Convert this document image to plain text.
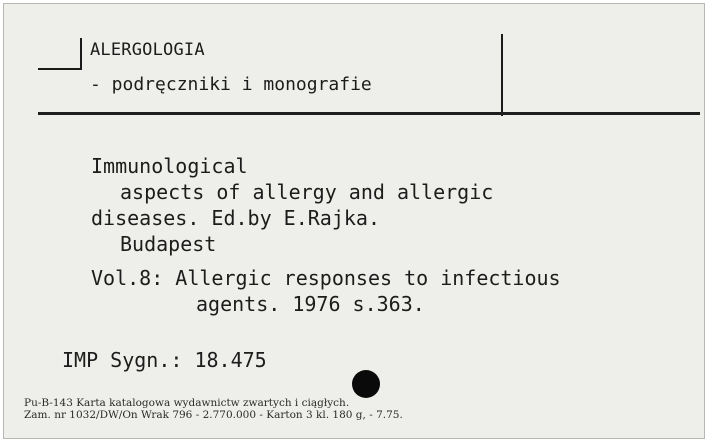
ALERGOLOGIA
- podręczniki i monografie
Immunological
aspects of allergy and allergic
diseases. Ed.by E.Rajka.
Budapest
Vol.8: Allergic responses to infectious
agents. 1976 s.363.
IMP Sygn.: 18.475
Pu-B-143 Karta katalogowa wydawnictw zwartych i ciągłych.
Zam. nr 1032/DW/On Wrak 796 - 2.770.000 - Karton 3 kl. 180 g, - 7.75.
